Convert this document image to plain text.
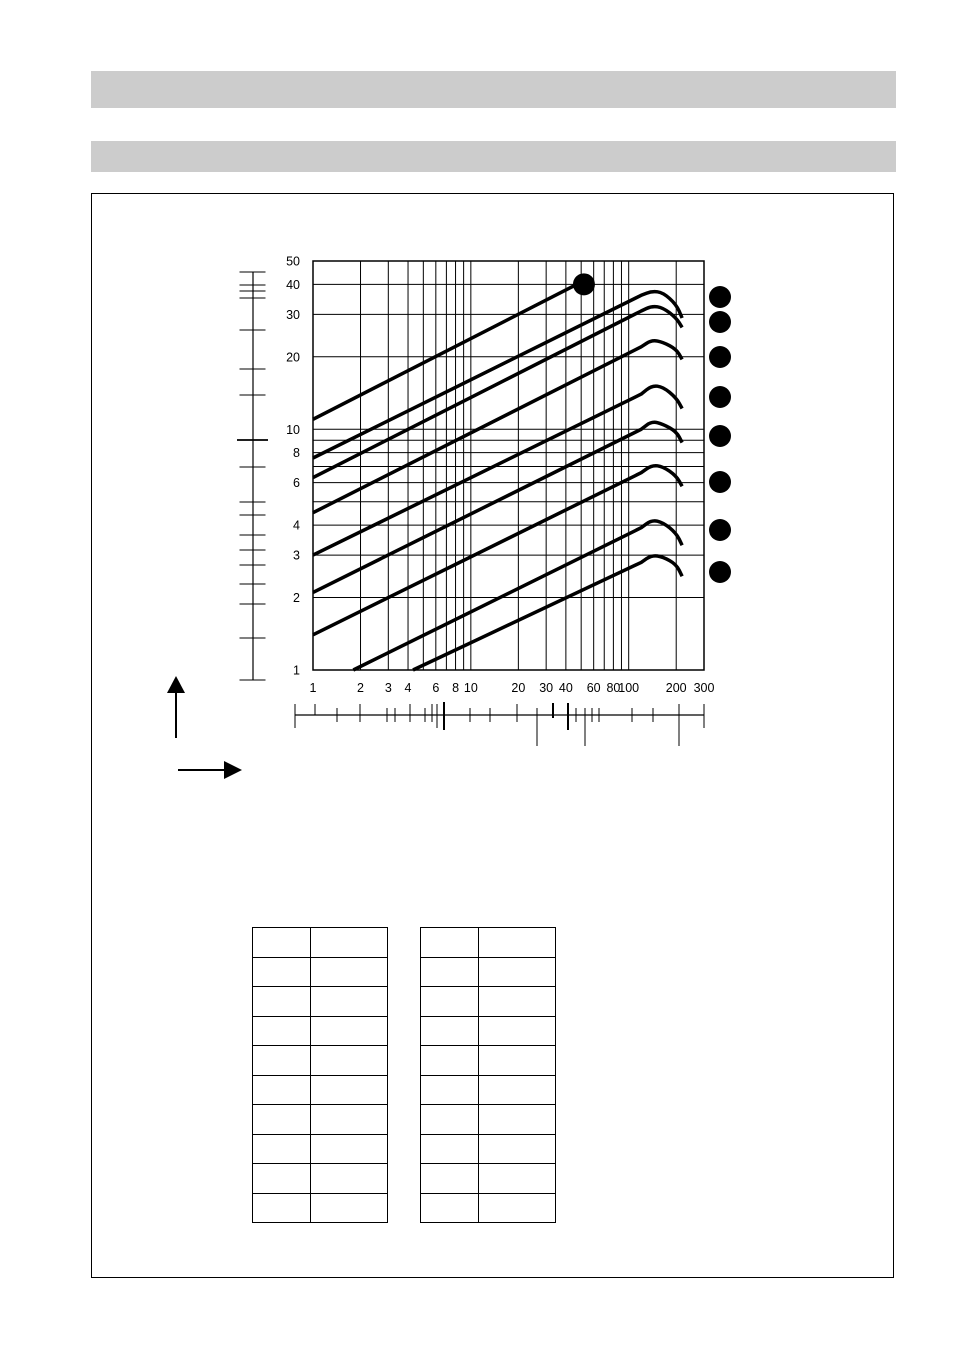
1	2 3 4 6 8 10	20 30 40 60 80
100 200 300
1
2
3
4
6
8
10
20
30
40
50
